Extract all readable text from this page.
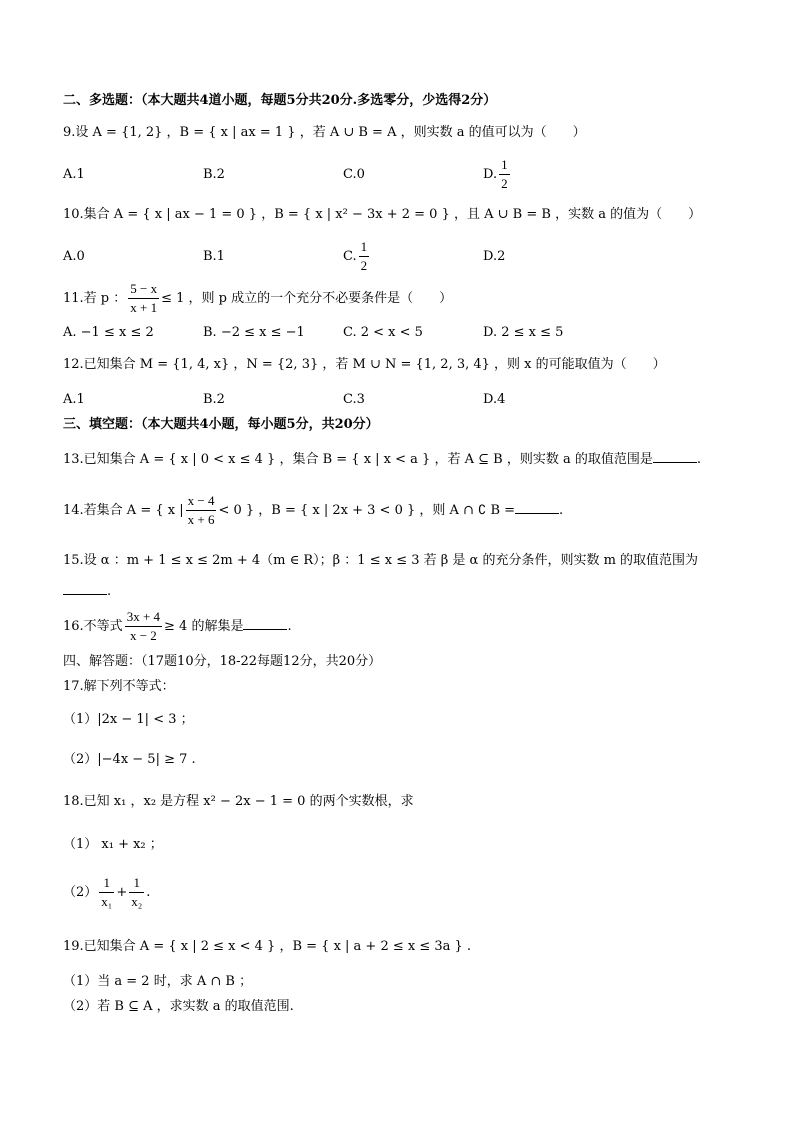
二、多选题：（本大题共4道小题，每题5分共20分.多选零分，少选得2分）
9.设 A = {1, 2} ，B = { x | ax = 1 } ，若 A ∪ B = A ，则实数 a 的值可以为（　　）
A.1	B.2	C.0	D. $\frac{1}{2}$
10.集合 A = { x | ax − 1 = 0 } ，B = { x | x² − 3x + 2 = 0 } ，且 A ∪ B = B ，实数 a 的值为（　　）
A.0	B.1	C. $\frac{1}{2}$	D.2
11.若 p ： $\frac{5 - x}{x + 1} \le 1$ ，则 p 成立的一个充分不必要条件是（　　）
A. −1 ≤ x ≤ 2	B. −2 ≤ x ≤ −1	C. 2 < x < 5	D. 2 ≤ x ≤ 5
12.已知集合 M = {1, 4, x} ，N = {2, 3} ，若 M ∪ N = {1, 2, 3, 4} ，则 x 的可能取值为（　　）
A.1	B.2	C.3	D.4
三、填空题：（本大题共4小题，每小题5分，共20分）
13.已知集合 A = { x | 0 < x ≤ 4 } ，集合 B = { x | x < a } ，若 A ⊆ B ，则实数 a 的取值范围是	.
14.若集合 A = { x | $\frac{x - 4}{x + 6} < 0$ } ，B = { x | 2x + 3 < 0 } ，则 A ∩ ∁ B =	.
15.设 α ：m + 1 ≤ x ≤ 2m + 4（m ∈ R）；β ：1 ≤ x ≤ 3 若 β 是 α 的充分条件，则实数 m 的取值范围为
.
16.不等式 $\frac{3x + 4}{x - 2} \ge 4$ 的解集是	.
四、解答题：（17题10分，18-22每题12分，共20分）
17.解下列不等式：
（1）|2x − 1| < 3 ；
（2）|−4x − 5| ≥ 7 .
18.已知 x₁ ，x₂ 是方程 x² − 2x − 1 = 0 的两个实数根，求
（1） x₁ + x₂ ；
$(2) \frac{1}{\text{x₁}} + \frac{1}{\text{x₂}}$ .
19.已知集合 A = { x | 2 ≤ x < 4 } ，B = { x | a + 2 ≤ x ≤ 3a } .
（1）当 a = 2 时，求 A ∩ B ；
（2）若 B ⊆ A ，求实数 a 的取值范围.
